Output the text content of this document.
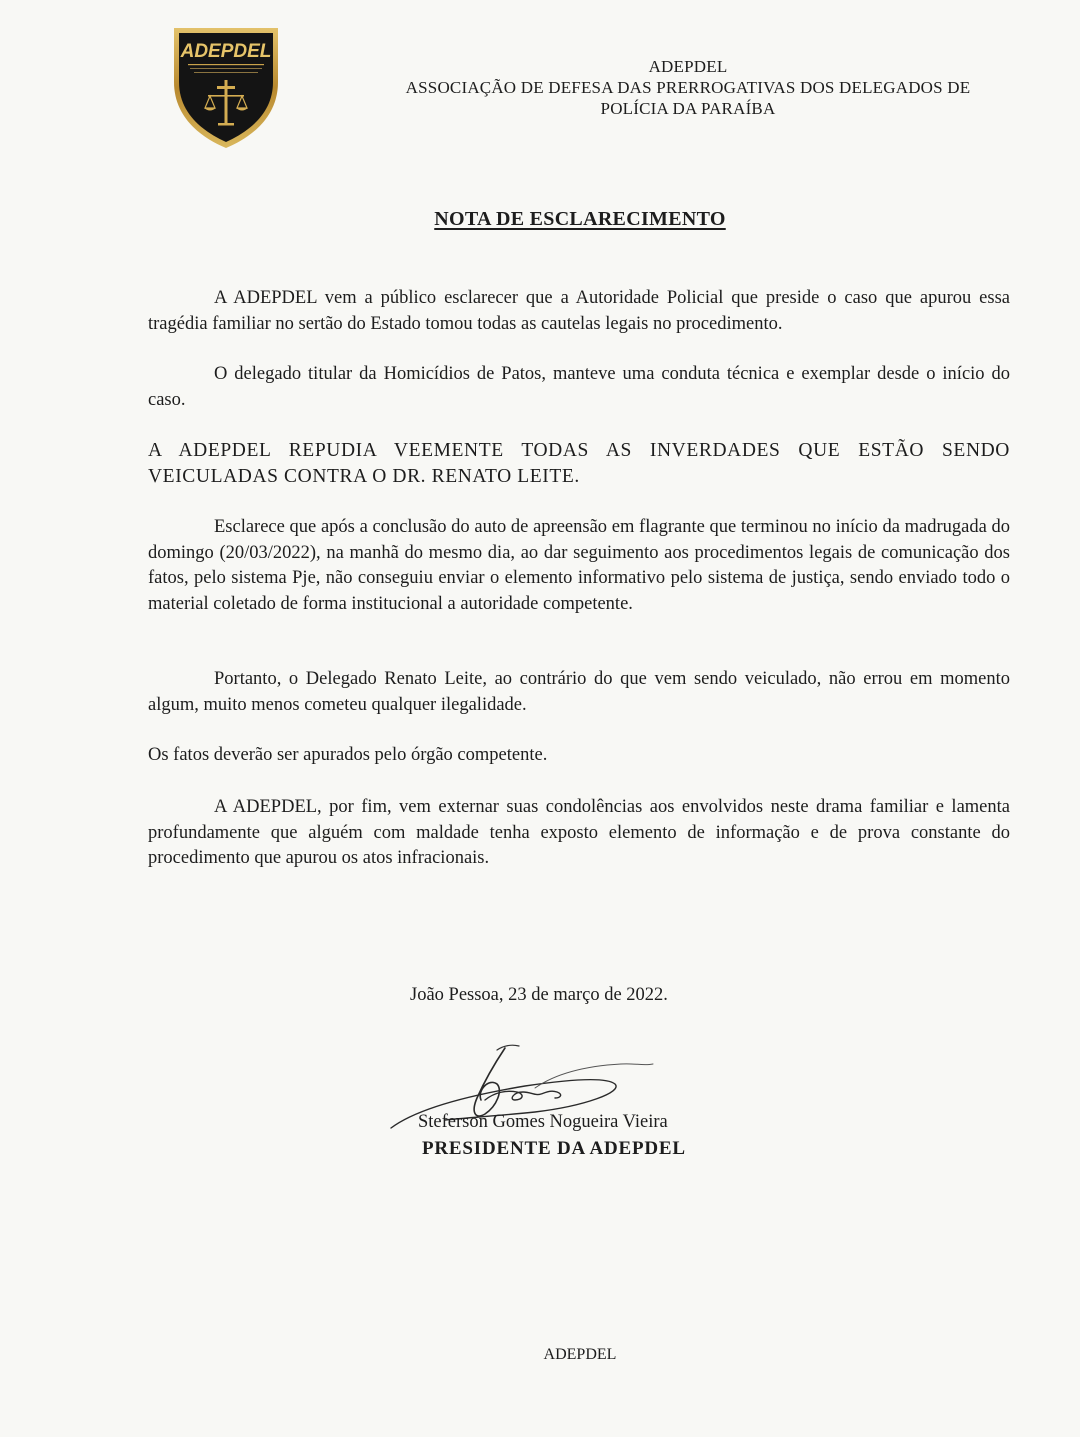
ADEPDEL
ADEPDEL
ASSOCIAÇÃO DE DEFESA DAS PRERROGATIVAS DOS DELEGADOS DE
POLÍCIA DA PARAÍBA
NOTA DE ESCLARECIMENTO

A ADEPDEL vem a público esclarecer que a Autoridade Policial que preside o caso que apurou essa tragédia familiar no sertão do Estado tomou todas as cautelas legais no procedimento.

O delegado titular da Homicídios de Patos, manteve uma conduta técnica e exemplar desde o início do caso.

A ADEPDEL REPUDIA VEEMENTE TODAS AS INVERDADES QUE ESTÃO SENDO VEICULADAS CONTRA O DR. RENATO LEITE.

Esclarece que após a conclusão do auto de apreensão em flagrante que terminou no início da madrugada do domingo (20/03/2022), na manhã do mesmo dia, ao dar seguimento aos procedimentos legais de comunicação dos fatos, pelo sistema Pje, não conseguiu enviar o elemento informativo pelo sistema de justiça, sendo enviado todo o material coletado de forma institucional a autoridade competente.

Portanto, o Delegado Renato Leite, ao contrário do que vem sendo veiculado, não errou em momento algum, muito menos cometeu qualquer ilegalidade.

Os fatos deverão ser apurados pelo órgão competente.

A ADEPDEL, por fim, vem externar suas condolências aos envolvidos neste drama familiar e lamenta profundamente que alguém com maldade tenha exposto elemento de informação e de prova constante do procedimento que apurou os atos infracionais.

João Pessoa, 23 de março de 2022.
Steferson Gomes Nogueira Vieira
PRESIDENTE DA ADEPDEL
ADEPDEL
